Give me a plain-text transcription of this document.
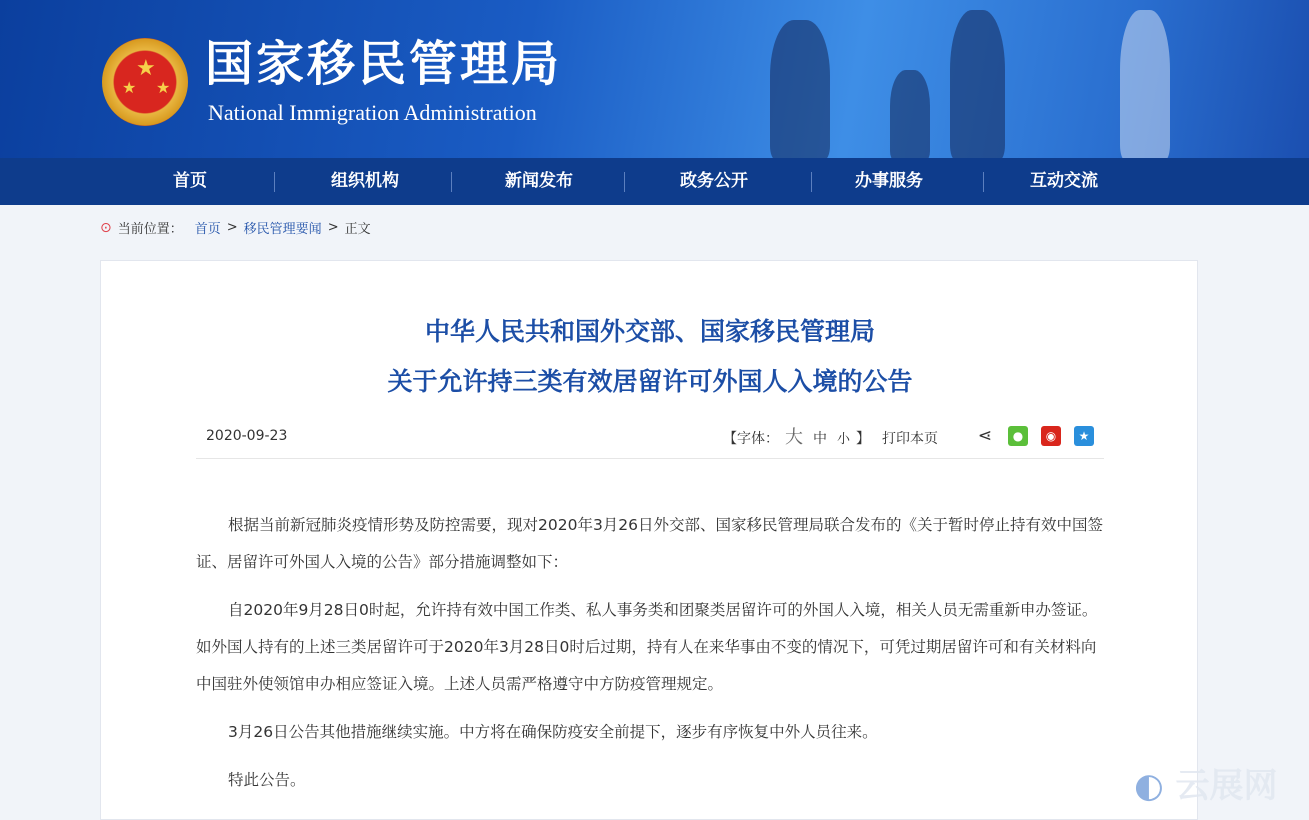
★
★ ★ 国家移民管理局
National Immigration Administration
首页	组织机构	新闻发布	政务公开	办事服务	互动交流
⊙ 当前位置： 首页 > 移民管理要闻 > 正文
中华人民共和国外交部、国家移民管理局
关于允许持三类有效居留许可外国人入境的公告
2020-09-23	【字体： 大 中 小 】 打印本页 ⋖	●	◉	★

根据当前新冠肺炎疫情形势及防控需要，现对2020年3月26日外交部、国家移民管理局联合发布的《关于暂时停止持有效中国签证、居留许可外国人入境的公告》部分措施调整如下：

自2020年9月28日0时起，允许持有效中国工作类、私人事务类和团聚类居留许可的外国人入境，相关人员无需重新申办签证。如外国人持有的上述三类居留许可于2020年3月28日0时后过期，持有人在来华事由不变的情况下，可凭过期居留许可和有关材料向中国驻外使领馆申办相应签证入境。上述人员需严格遵守中方防疫管理规定。

3月26日公告其他措施继续实施。中方将在确保防疫安全前提下，逐步有序恢复中外人员往来。

特此公告。	◐ 云展网
